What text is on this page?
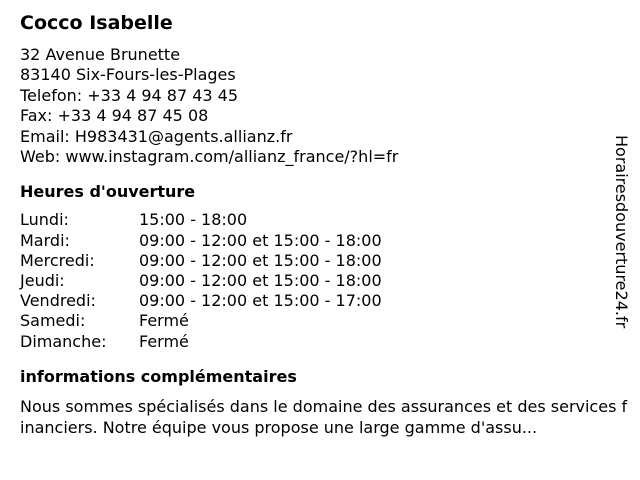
Cocco Isabelle
32 Avenue Brunette
83140 Six-Fours-les-Plages
Telefon: +33 4 94 87 43 45
Fax: +33 4 94 87 45 08
Email: H983431@agents.allianz.fr
Web: www.instagram.com/allianz_france/?hl=fr
Heures d'ouverture
Lundi:	15:00 - 18:00
Mardi:	09:00 - 12:00 et 15:00 - 18:00
Mercredi:	09:00 - 12:00 et 15:00 - 18:00
Jeudi:	09:00 - 12:00 et 15:00 - 18:00
Vendredi:	09:00 - 12:00 et 15:00 - 17:00
Samedi:	Fermé
Dimanche:	Fermé
informations complémentaires
Nous sommes spécialisés dans le domaine des assurances et des services financiers. Notre équipe vous propose une large gamme d'assu...
Horairesdouverture24.fr
